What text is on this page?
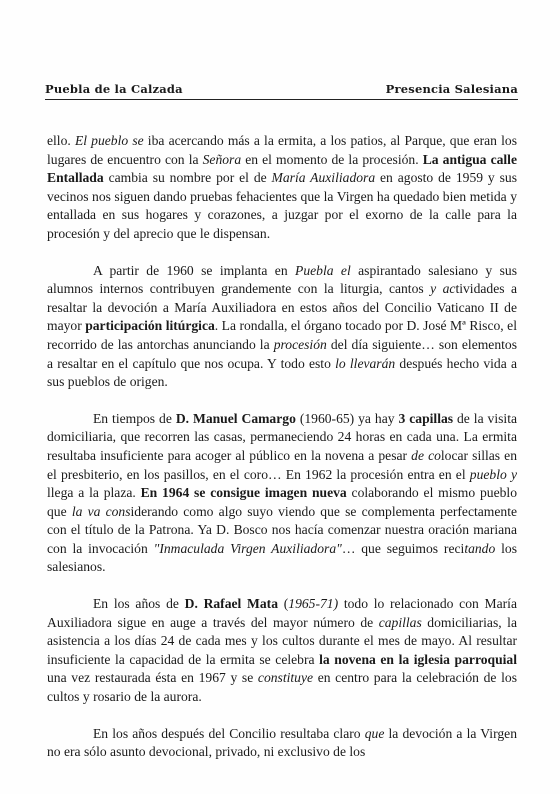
Puebla de la Calzada	Presencia Salesiana

ello. El pueblo se iba acercando más a la ermita, a los patios, al Parque, que eran los lugares de encuentro con la Señora en el momento de la procesión. La antigua calle Entallada cambia su nombre por el de María Auxiliadora en agosto de 1959 y sus vecinos nos siguen dando pruebas fehacientes que la Virgen ha quedado bien metida y entallada en sus hogares y corazones, a juzgar por el exorno de la calle para la procesión y del aprecio que le dispensan.

A partir de 1960 se implanta en Puebla el aspirantado salesiano y sus alumnos internos contribuyen grandemente con la liturgia, cantos y actividades a resaltar la devoción a María Auxiliadora en estos años del Concilio Vaticano II de mayor participación litúrgica. La rondalla, el órgano tocado por D. José Mª Risco, el recorrido de las antorchas anunciando la procesión del día siguiente… son elementos a resaltar en el capítulo que nos ocupa. Y todo esto lo llevarán después hecho vida a sus pueblos de origen.

En tiempos de D. Manuel Camargo (1960-65) ya hay 3 capillas de la visita domiciliaria, que recorren las casas, permaneciendo 24 horas en cada una. La ermita resultaba insuficiente para acoger al público en la novena a pesar de colocar sillas en el presbiterio, en los pasillos, en el coro… En 1962 la procesión entra en el pueblo y llega a la plaza. En 1964 se consigue imagen nueva colaborando el mismo pueblo que la va considerando como algo suyo viendo que se complementa perfectamente con el título de la Patrona. Ya D. Bosco nos hacía comenzar nuestra oración mariana con la invocación "Inmaculada Virgen Auxiliadora"… que seguimos recitando los salesianos.

En los años de D. Rafael Mata (1965-71) todo lo relacionado con María Auxiliadora sigue en auge a través del mayor número de capillas domiciliarias, la asistencia a los días 24 de cada mes y los cultos durante el mes de mayo. Al resultar insuficiente la capacidad de la ermita se celebra la novena en la iglesia parroquial una vez restaurada ésta en 1967 y se constituye en centro para la celebración de los cultos y rosario de la aurora.

En los años después del Concilio resultaba claro que la devoción a la Virgen no era sólo asunto devocional, privado, ni exclusivo de los
